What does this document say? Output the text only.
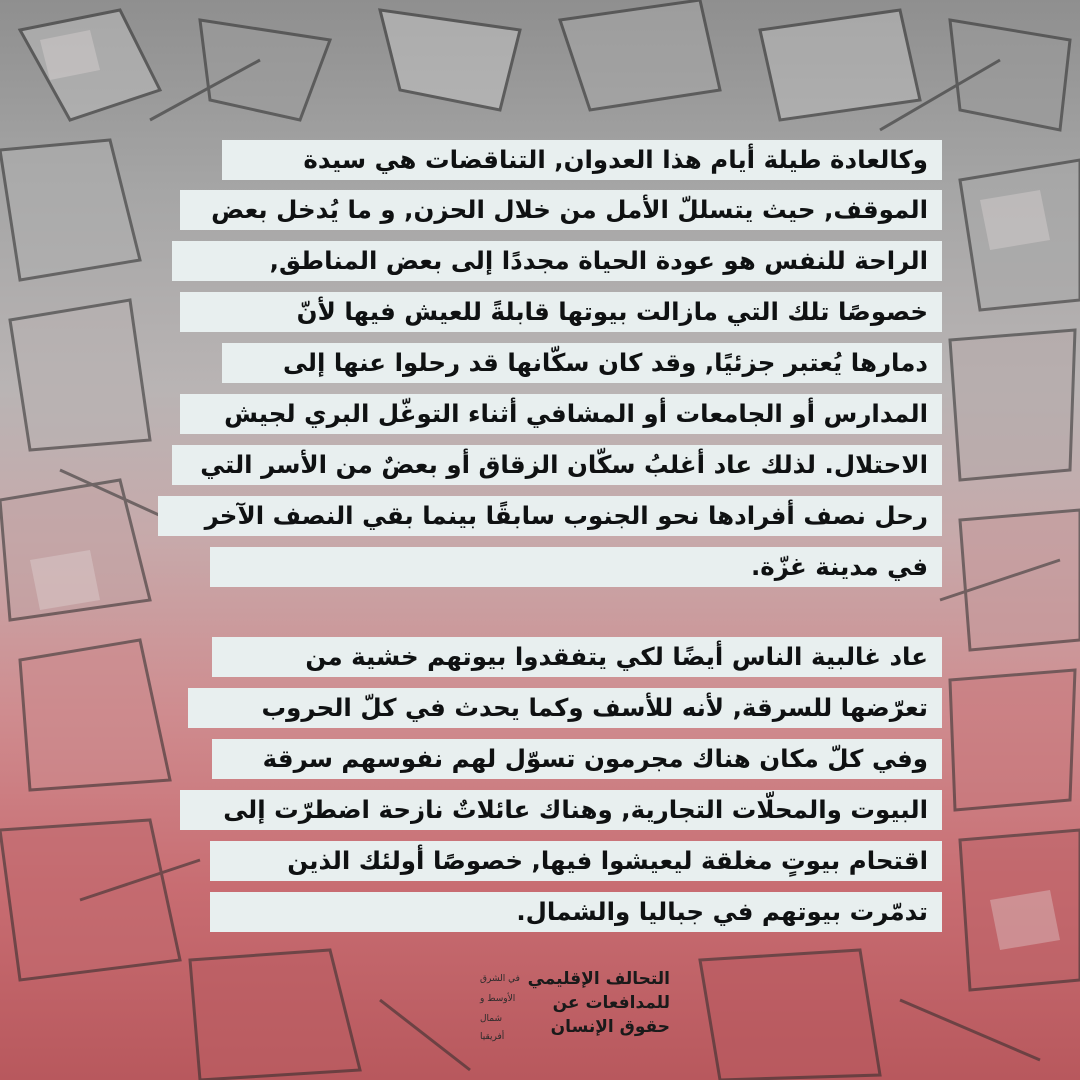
وكالعادة طيلة أيام هذا العدوان, التناقضات هي سيدة
الموقف, حيث يتسللّ الأمل من خلال الحزن, و ما يُدخل بعض
الراحة للنفس هو عودة الحياة مجددًا إلى بعض المناطق,
خصوصًا تلك التي مازالت بيوتها قابلةً للعيش فيها لأنّ
دمارها يُعتبر جزئيًا, وقد كان سكّانها قد رحلوا عنها إلى
المدارس أو الجامعات أو المشافي أثناء التوغّل البري لجيش
الاحتلال. لذلك عاد أغلبُ سكّان الزقاق أو بعضٌ من الأسر التي
رحل نصف أفرادها نحو الجنوب سابقًا بينما بقي النصف الآخر
في مدينة غزّة.
عاد غالبية الناس أيضًا لكي يتفقدوا بيوتهم خشية من
تعرّضها للسرقة, لأنه للأسف وكما يحدث في كلّ الحروب
وفي كلّ مكان هناك مجرمون تسوّل لهم نفوسهم سرقة
البيوت والمحلّات التجارية, وهناك عائلاتٌ نازحة اضطرّت إلى
اقتحام بيوتٍ مغلقة ليعيشوا فيها, خصوصًا أولئك الذين
تدمّرت بيوتهم في جباليا والشمال.
التحالف الإقليمي
للمدافعات عن
حقوق الإنسان
في الشرق
الأوسط و
شمال
أفريقيا
